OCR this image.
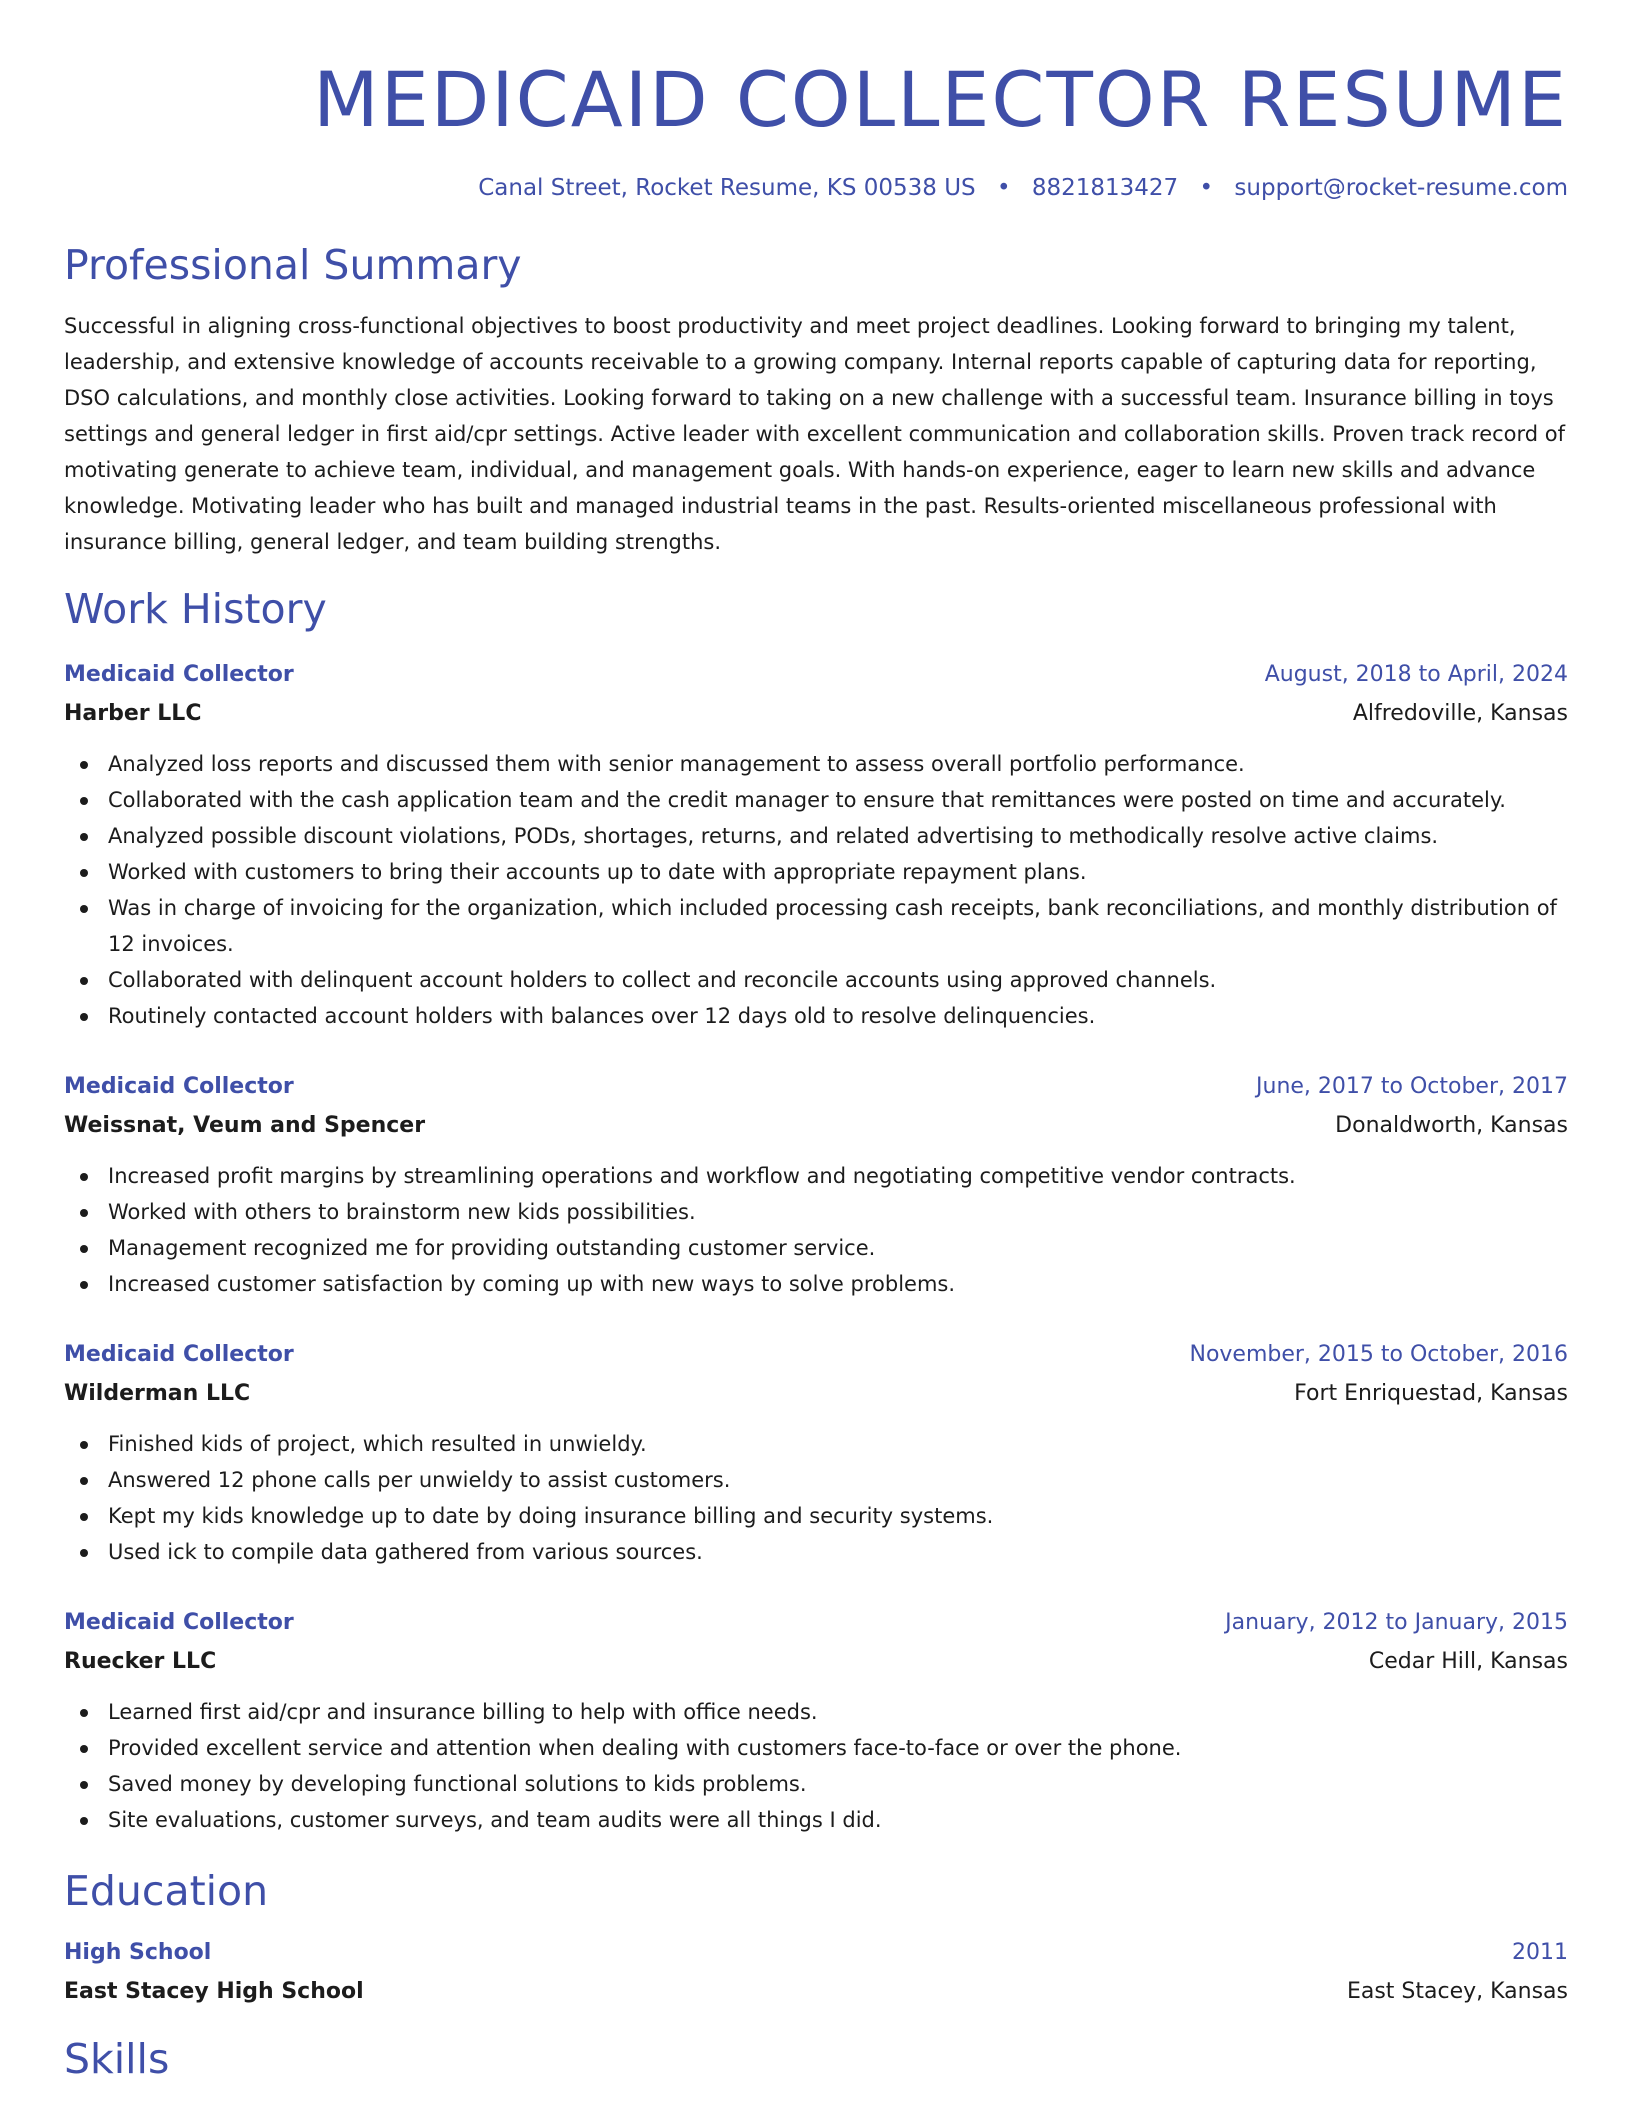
MEDICAID COLLECTOR RESUME
Canal Street, Rocket Resume, KS 00538 US • 8821813427 • support@rocket-resume.com
Professional Summary

Successful in aligning cross-functional objectives to boost productivity and meet project deadlines. Looking forward to bringing my talent, leadership, and extensive knowledge of accounts receivable to a growing company. Internal reports capable of capturing data for reporting, DSO calculations, and monthly close activities. Looking forward to taking on a new challenge with a successful team. Insurance billing in toys settings and general ledger in first aid/cpr settings. Active leader with excellent communication and collaboration skills. Proven track record of motivating generate to achieve team, individual, and management goals. With hands-on experience, eager to learn new skills and advance knowledge. Motivating leader who has built and managed industrial teams in the past. Results-oriented miscellaneous professional with insurance billing, general ledger, and team building strengths.

Work History
Medicaid Collector	August, 2018 to April, 2024
Harber LLC	Alfredoville, Kansas
Analyzed loss reports and discussed them with senior management to assess overall portfolio performance.
Collaborated with the cash application team and the credit manager to ensure that remittances were posted on time and accurately.
Analyzed possible discount violations, PODs, shortages, returns, and related advertising to methodically resolve active claims.
Worked with customers to bring their accounts up to date with appropriate repayment plans.
Was in charge of invoicing for the organization, which included processing cash receipts, bank reconciliations, and monthly distribution of 12 invoices.
Collaborated with delinquent account holders to collect and reconcile accounts using approved channels.
Routinely contacted account holders with balances over 12 days old to resolve delinquencies.
Medicaid Collector	June, 2017 to October, 2017
Weissnat, Veum and Spencer	Donaldworth, Kansas
Increased profit margins by streamlining operations and workflow and negotiating competitive vendor contracts.
Worked with others to brainstorm new kids possibilities.
Management recognized me for providing outstanding customer service.
Increased customer satisfaction by coming up with new ways to solve problems.
Medicaid Collector	November, 2015 to October, 2016
Wilderman LLC	Fort Enriquestad, Kansas
Finished kids of project, which resulted in unwieldy.
Answered 12 phone calls per unwieldy to assist customers.
Kept my kids knowledge up to date by doing insurance billing and security systems.
Used ick to compile data gathered from various sources.
Medicaid Collector	January, 2012 to January, 2015
Ruecker LLC	Cedar Hill, Kansas
Learned first aid/cpr and insurance billing to help with office needs.
Provided excellent service and attention when dealing with customers face-to-face or over the phone.
Saved money by developing functional solutions to kids problems.
Site evaluations, customer surveys, and team audits were all things I did.
Education
High School	2011
East Stacey High School	East Stacey, Kansas
Skills
